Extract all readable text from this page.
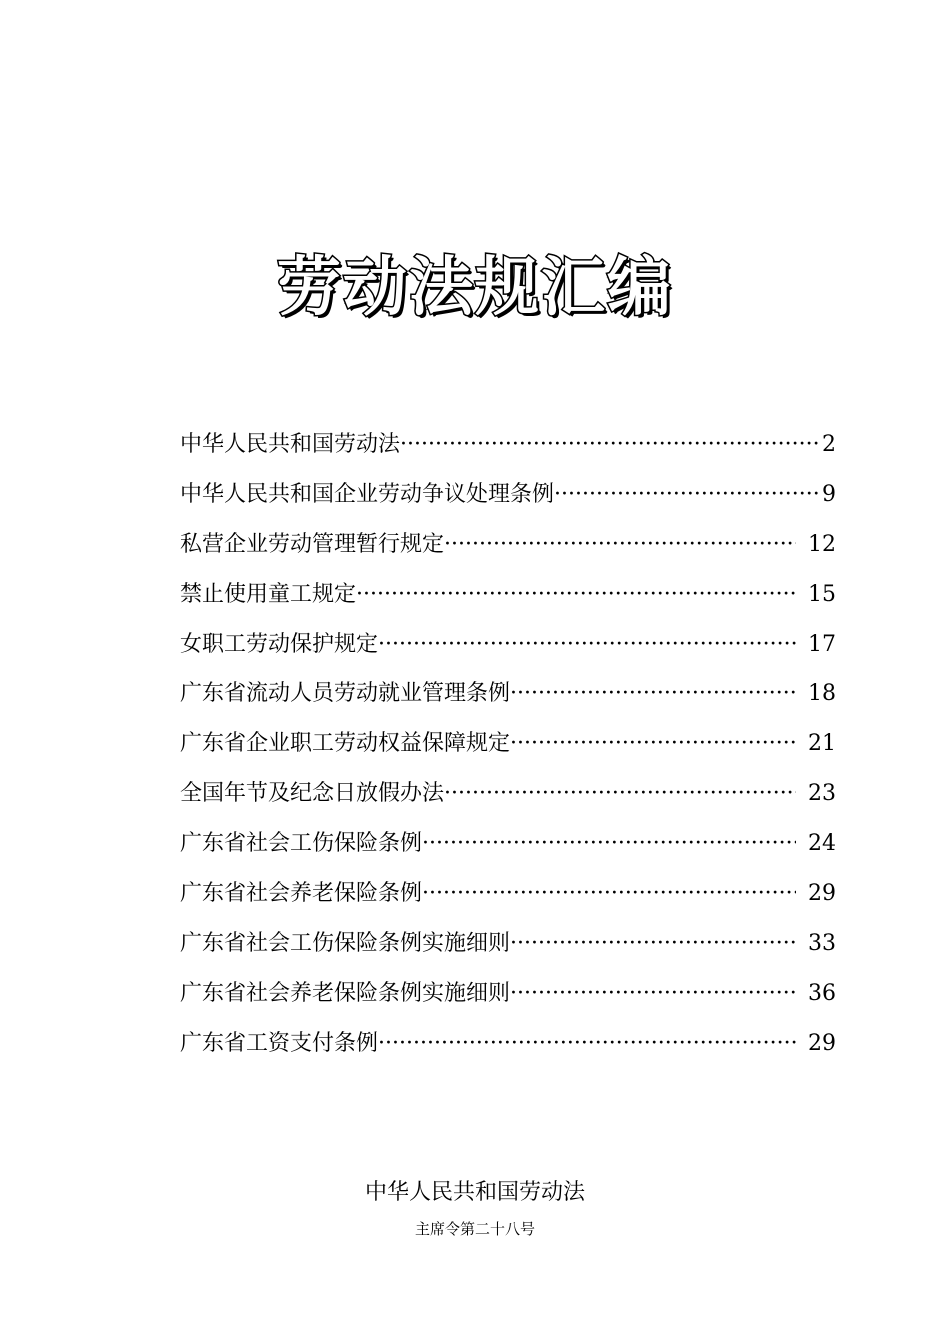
劳动法规汇编
中华人民共和国劳动法 ·····	2
中华人民共和国企业劳动争议处理条例 ·····	9
私营企业劳动管理暂行规定 ·····	12
禁止使用童工规定 ·····	15
女职工劳动保护规定 ·····	17
广东省流动人员劳动就业管理条例 ·····	18
广东省企业职工劳动权益保障规定 ·····	21
全国年节及纪念日放假办法 ·····	23
广东省社会工伤保险条例 ·····	24
广东省社会养老保险条例 ·····	29
广东省社会工伤保险条例实施细则 ·····	33
广东省社会养老保险条例实施细则 ·····	36
广东省工资支付条例 ·····	29
中华人民共和国劳动法
主席令第二十八号
